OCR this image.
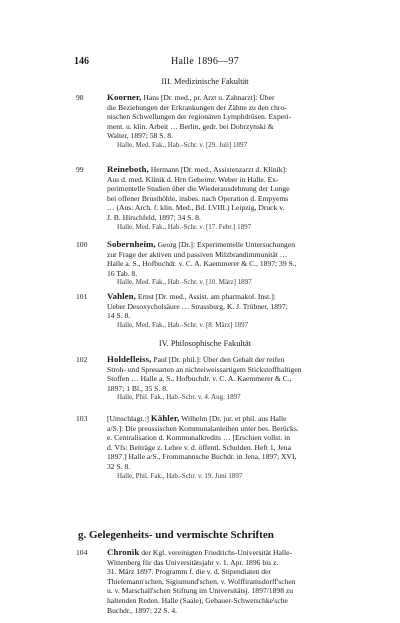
146	Halle 1896—97
III. Medizinische Fakultät
98	Koorner, Hans [Dr. med., pr. Arzt u. Zahnarzt]: Über
die Beziehungen der Erkrankungen der Zähne zu den chro-
nischen Schwellungen der regionären Lymphdrüsen. Experi-
ment. u. klin. Arbeit … Berlin, gedr. bei Dobrzynski &
Walter, 1897; 58 S. 8.
Halle, Med. Fak., Hab.-Schr. v. [29. Juli] 1897
99	Reineboth, Hermann [Dr. med., Assistenzarzt d. Klinik]:
Aus d. med. Klinik d. Hrn Geheimr. Weber in Halle. Ex-
perimentelle Studien über die Wiederausdehnung der Lunge
bei offener Brusthöhle, insbes. nach Operation d. Empyems
… (Aus: Arch. f. klin. Med., Bd. LVIII.) Leipzig, Druck v.
J. B. Hirschfeld, 1897; 34 S. 8.
Halle, Med. Fak., Hab.-Schr. v. [17. Febr.] 1897
100 Sobernheim, Georg [Dr.]: Experimentelle Untersuchungen
zur Frage der aktiven und passiven Milzbrandimmunität …
Halle a. S., Hofbuchdr. v. C. A. Kaemmerer & C., 1897; 39 S.,
16 Tab. 8.
Halle, Med. Fak., Hab.-Schr. v. [10. März] 1897
101 Vahlen, Ernst [Dr. med., Assist. am pharmakol. Inst.]:
Ueber Desoxycholsäure … Strassburg, K. J. Trübner, 1897;
14 S. 8.
Halle, Med. Fak., Hab.-Schr. v. [8. März] 1897
IV. Philosophische Fakultät
102 Holdefleiss, Paul [Dr. phil.]: Über den Gehalt der reifen
Stroh- und Spreuarten an nichteiweissartigem Stickstoffhaltigen
Stoffen … Halle a. S., Hofbuchdr. v. C. A. Kaemmerer & C.,
1897; 1 Bl., 35 S. 8.
Halle, Phil. Fak., Hab.-Schr. v. 4. Aug. 1897
103	[Umschlagt.:] Kähler, Wilhelm [Dr. jur. et phil. aus Halle
a/S.]: Die preussischen Kommunalanleihen unter bes. Berücks.
e. Centralisation d. Kommunalkredits … [Erschien vollst. in
d. Vfs: Beiträge z. Lehre v. d. öffentl. Schulden. Heft 1, Jena
1897.] Halle a/S., Frommannsche Buchdr. in Jena, 1897; XVI,
32 S. 8.
Halle, Phil. Fak., Hab.-Schr. v. 19. Juni 1897
g. Gelegenheits- und vermischte Schriften
104 Chronik der Kgl. vereinigten Friedrichs-Universität Halle-
Wittenberg für das Universitätsjahr v. 1. Apr. 1896 bis z.
31. März 1897. Programm f. die v. d. Stipendiaten der
Thielemann'schen, Sigismund'schen, v. Wolffiramsdorff'schen
u. v. Marschall'schen Stiftung im Universitätsj. 1897/1898 zu
haltenden Reden. Halle (Saale), Gebauer-Schwetschke'sche
Buchdr., 1897; 22 S. 4.
